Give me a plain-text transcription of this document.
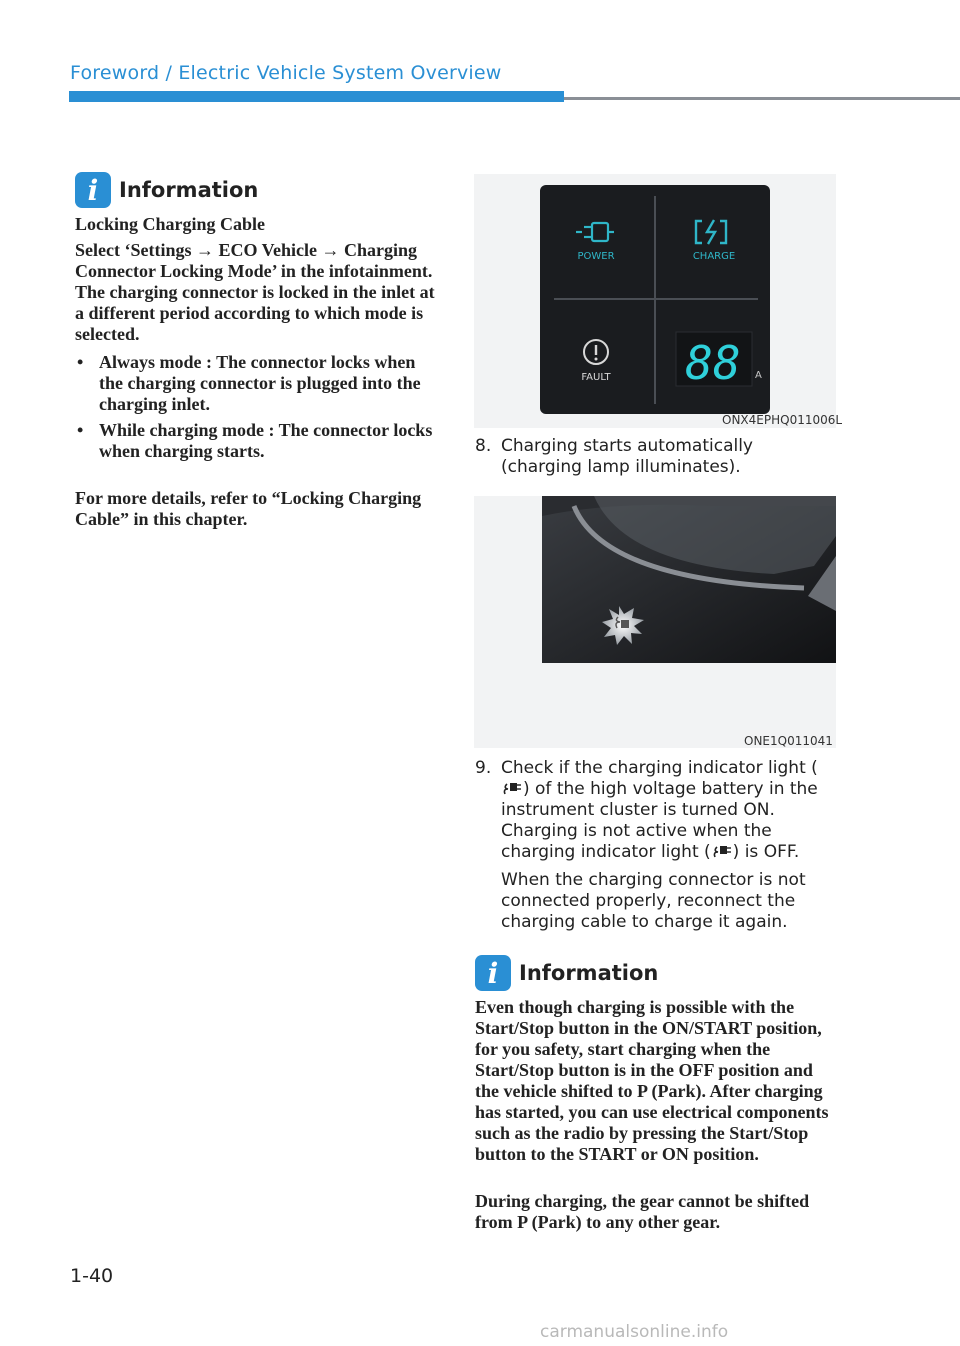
Foreword / Electric Vehicle System Overview
i Information
Locking Charging Cable
Select ‘Settings → ECO Vehicle → Charging Connector Locking Mode’ in the infotainment. The charging connector is locked in the inlet at a different period according to which mode is selected.
• Always mode : The connector locks when the charging connector is plugged into the charging inlet.
• While charging mode : The connector locks when charging starts.
For more details, refer to “Locking Charging Cable” in this chapter.
POWER	CHARGE
FAULT 88 A
ONX4EPHQ011006L
8. Charging starts automatically (charging lamp illuminates).

ONE1Q011041
9. Check if the charging indicator light () of the high voltage battery in the instrument cluster is turned ON. Charging is not active when the charging indicator light ( ) is OFF.

When the charging connector is not connected properly, reconnect the charging cable to charge it again.

i Information
Even though charging is possible with the Start/Stop button in the ON/START position, for you safety, start charging when the Start/Stop button is in the OFF position and the vehicle shifted to P (Park). After charging has started, you can use electrical components such as the radio by pressing the Start/Stop button to the START or ON position.
During charging, the gear cannot be shifted from P (Park) to any other gear.
1-40
carmanualsonline.info
